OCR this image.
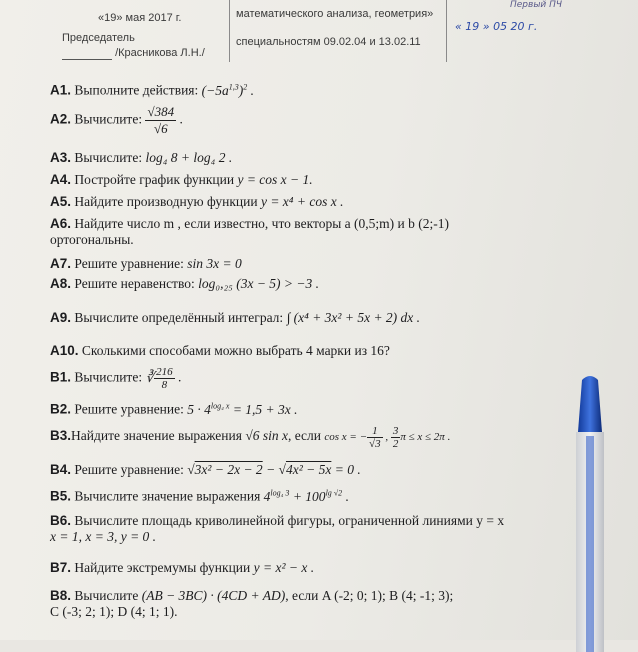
«19» мая 2017 г.
Председатель
/Красникова Л.Н./
математического анализа, геометрия»
специальностям 09.02.04 и 13.02.11
Первый ПЧ
« 19 » 05 20 г.
A1. Выполните действия: $(-5a^{1,3})^2$ .
A2. Вычислите: $\frac{√384}{√6}$ .
A3. Вычислите: log₄ 8 + log₄ 2 .
A4. Постройте график функции y = cos x − 1.
A5. Найдите производную функции y = x⁴ + cos x .
A6. Найдите число m , если известно, что векторы a (0,5;m) и b (2;-1)
ортогональны.
A7. Решите уравнение: sin 3x = 0
A8. Решите неравенство: log₀,₂₅ (3x − 5) > −3 .
A9. Вычислите определённый интеграл: ∫ (x⁴ + 3x² + 5x + 2) dx .
A10. Сколькими способами можно выбрать 4 марки из 16?
B1. Вычислите: ∛ $\frac{216}{8}$ .
B2. Решите уравнение: $5 \cdot 4^{log_4 x} = 1,5 + 3x$ .
B3.Найдите значение выражения √6 sin x, если cos x = − $\frac{1}{√3}$ , $\frac{3}{2}$ π ≤ x ≤ 2π .
B4. Решите уравнение: √3x² − 2x − 2 − √4x² − 5x = 0 .
B5. Вычислите значение выражения $4^{log_4 3} + 100^{lg √2}$ .
B6. Вычислите площадь криволинейной фигуры, ограниченной линиями y = x
x = 1, x = 3, y = 0 .
B7. Найдите экстремумы функции y = x² − x .
B8. Вычислите (AB − 3BC) · (4CD + AD), если A (-2; 0; 1); B (4; -1; 3);
C (-3; 2; 1); D (4; 1; 1).
